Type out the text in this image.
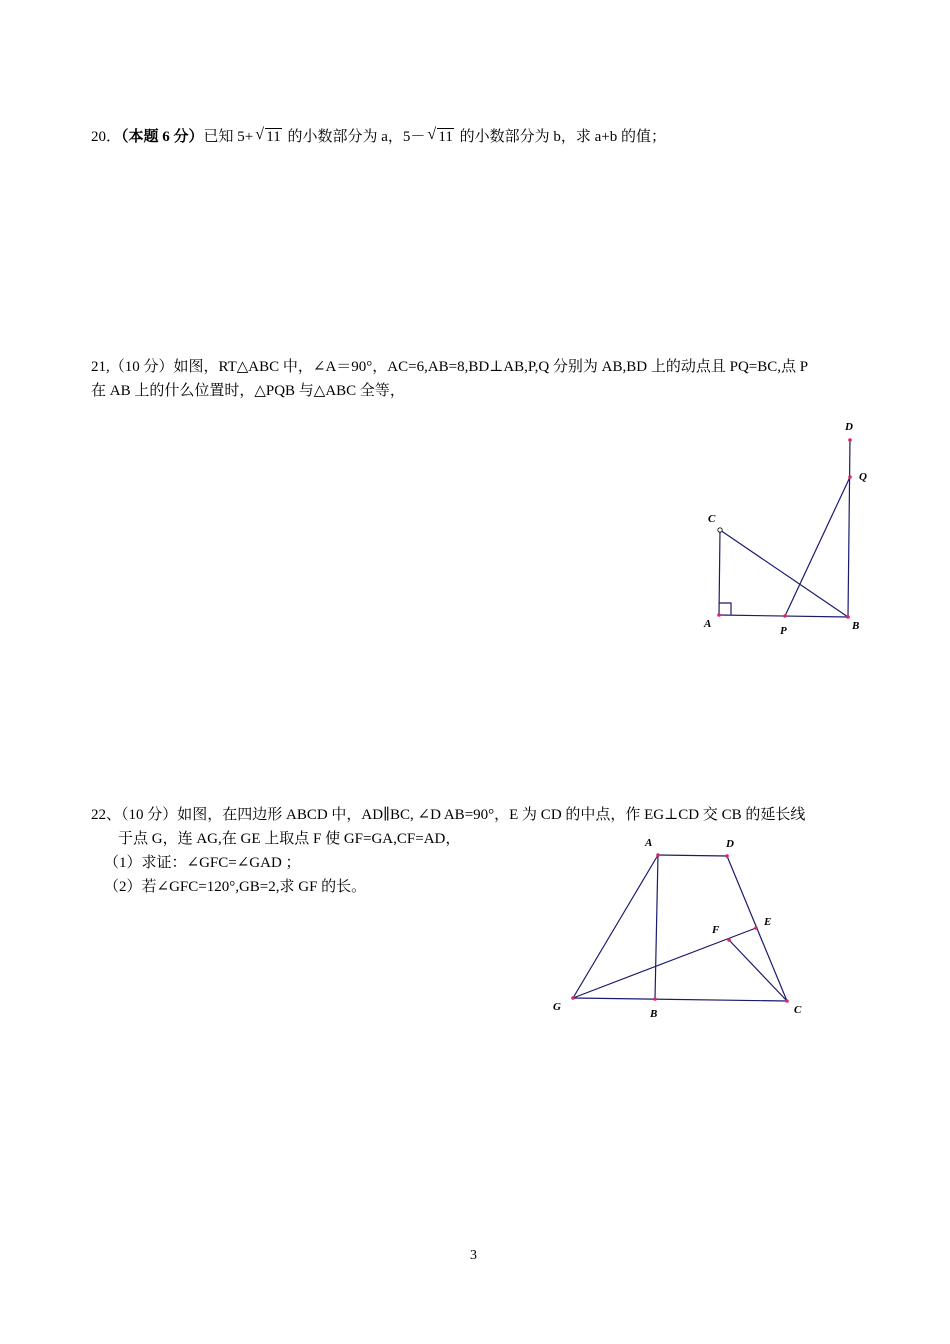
20．（本题 6 分）已知 5+ √ 11 的小数部分为 a，5－ √ 11 的小数部分为 b，求 a+b 的值；
21,（10 分）如图，RT△ABC 中，∠A＝90°，AC=6,AB=8,BD⊥AB,P,Q 分别为 AB,BD 上的动点且 PQ=BC,点 P
在 AB 上的什么位置时，△PQB 与△ABC 全等，
D
Q
C
A
P	B
22、（10 分）如图，在四边形 ABCD 中，AD∥BC, ∠D AB=90°，E 为 CD 的中点，作 EG⊥CD 交 CB 的延长线
于点 G，连 AG,在 GE 上取点 F 使 GF=GA,CF=AD，
（1）求证：∠GFC=∠GAD ；
（2）若∠GFC=120°,GB=2,求 GF 的长。
A	D
E
F
G
B	C
3
